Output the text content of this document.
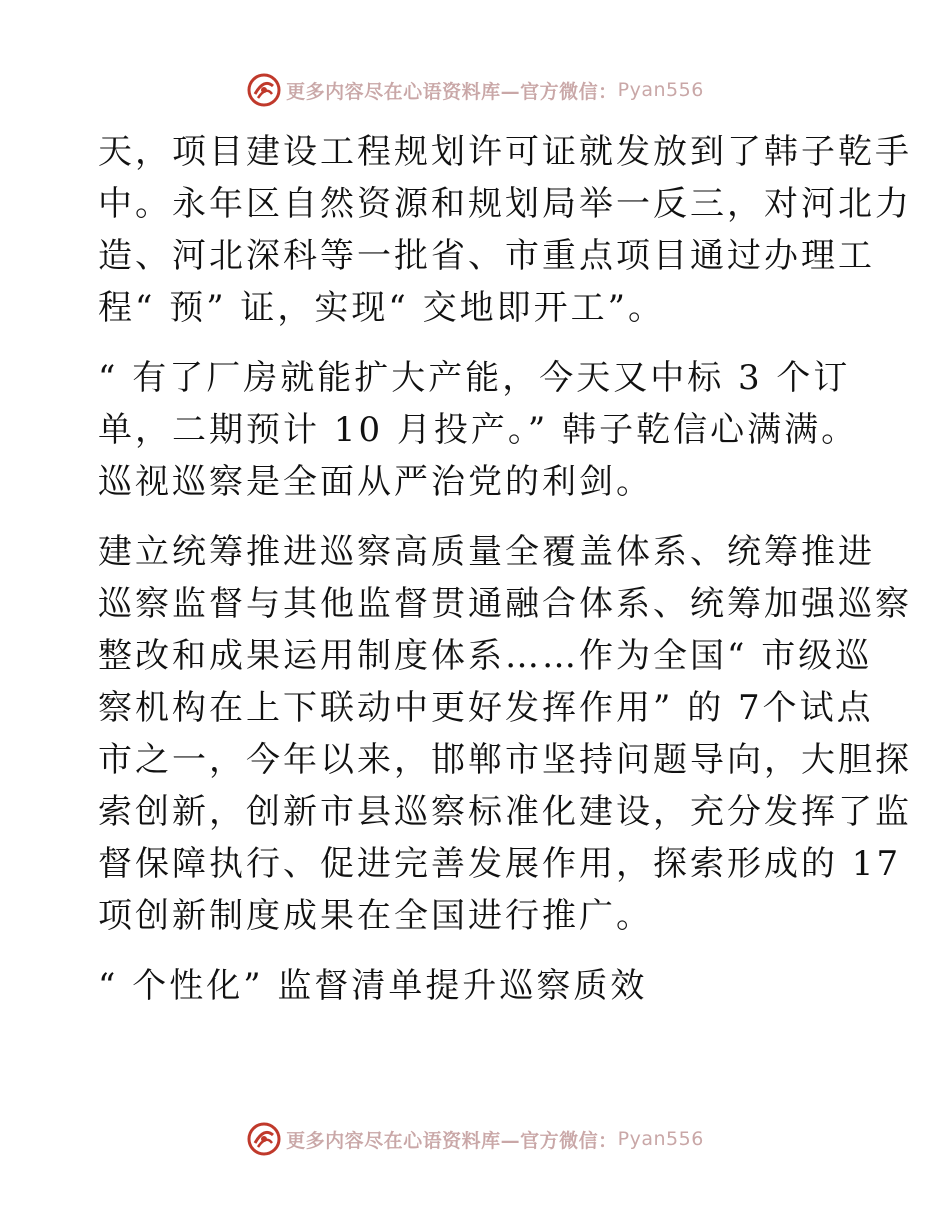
更多内容尽在心语资料库—官方微信： Pyan556
天，项目建设工程规划许可证就发放到了韩子乾手
中。永年区自然资源和规划局举一反三，对河北力
造、河北深科等一批省、市重点项目通过办理工
程“ 预” 证，实现“ 交地即开工”。
“ 有了厂房就能扩大产能，今天又中标 3 个订
单，二期预计 10 月投产。” 韩子乾信心满满。
巡视巡察是全面从严治党的利剑。
建立统筹推进巡察高质量全覆盖体系、统筹推进
巡察监督与其他监督贯通融合体系、统筹加强巡察
整改和成果运用制度体系……作为全国“ 市级巡
察机构在上下联动中更好发挥作用” 的 7个试点
市之一，今年以来，邯郸市坚持问题导向，大胆探
索创新，创新市县巡察标准化建设，充分发挥了监
督保障执行、促进完善发展作用，探索形成的 17
项创新制度成果在全国进行推广。
“ 个性化” 监督清单提升巡察质效
更多内容尽在心语资料库—官方微信： Pyan556
